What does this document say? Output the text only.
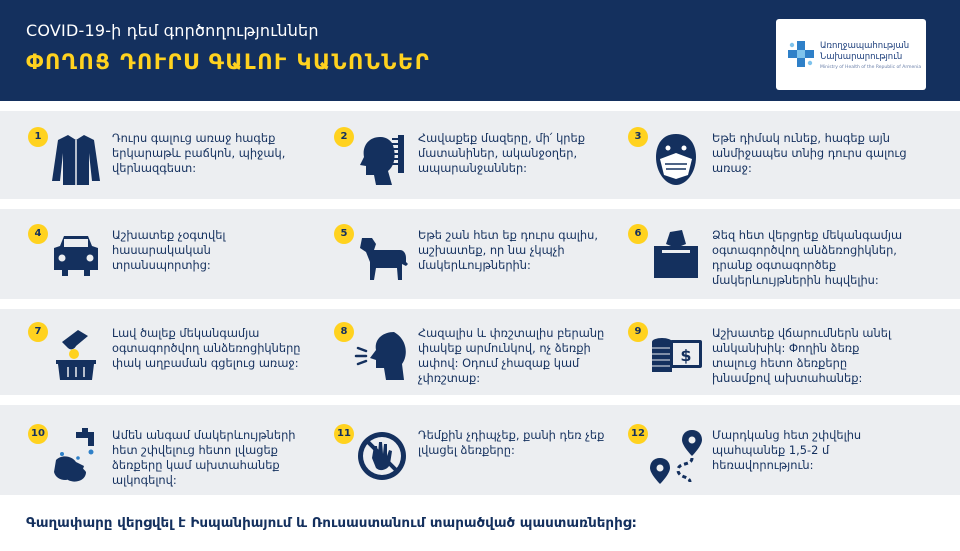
COVID-19-ի դեմ գործողություններ
ՓՈՂՈՑ ԴՈՒՐՍ ԳԱԼՈՒ ԿԱՆՈՆՆԵՐ
Առողջապահության
Նախարարություն
Ministry of Health of the Republic of Armenia
1	Դուրս գալուց առաջ հագեք երկարաթև բաճկոն, պիջակ, վերնազգեստ:
2	Հավաքեք մազերը, մի՛ կրեք մատանիներ, ականջօղեր, ապարանջաններ:
3	Եթե դիմակ ունեք, հագեք այն անմիջապես տնից դուրս գալուց առաջ:
4	Աշխատեք չօգտվել հասարակական տրանսպորտից:
5	Եթե շան հետ եք դուրս գալիս, աշխատեք, որ նա չկպչի մակերևույթներին:
6	Ձեզ հետ վերցրեք մեկանգամյա օգտագործվող անձեռոցիկներ, դրանք օգտագործեք մակերևույթներին հպվելիս:
7	Լավ ծալեք մեկանգամյա օգտագործվող անձեռոցիկները փակ աղբաման գցելուց առաջ:
8	Հազալիս և փռշտալիս բերանը փակեք արմունկով, ոչ ձեռքի ափով: Օդում չհազաք կամ չփռշտաք:
9
$
Աշխատեք վճարումներն անել անկանխիկ: Փողին ձեռք տալուց հետո ձեռքերը խնամքով ախտահանեք:
10	Ամեն անգամ մակերևույթների հետ շփվելուց հետո լվացեք ձեռքերը կամ ախտահանեք ալկոգելով:
11	Դեմքին չդիպչեք, քանի դեռ չեք լվացել ձեռքերը:
12	Մարդկանց հետ շփվելիս պահպանեք 1,5-2 մ հեռավորություն:
Գաղափարը վերցվել է Իսպանիայում և Ռուսաստանում տարածված պաստառներից:
